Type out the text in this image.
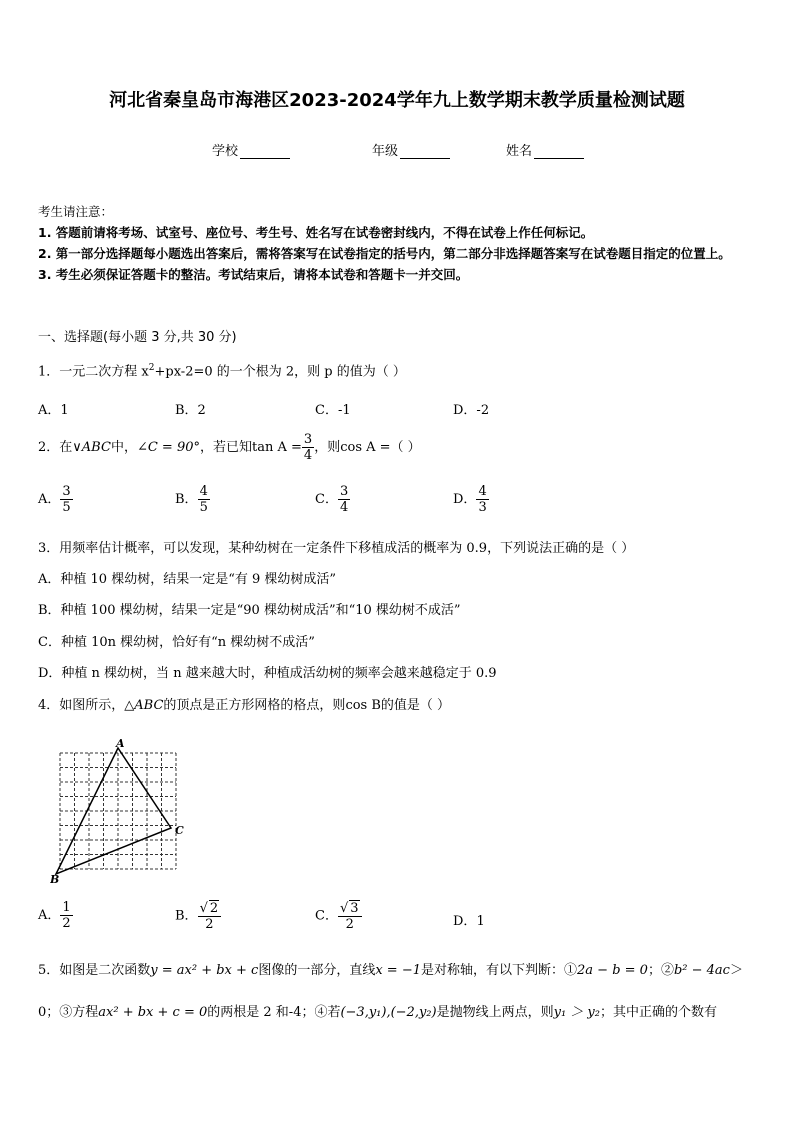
河北省秦皇岛市海港区2023-2024学年九上数学期末教学质量检测试题
学校	年级	姓名
考生请注意：
1. 答题前请将考场、试室号、座位号、考生号、姓名写在试卷密封线内，不得在试卷上作任何标记。
2. 第一部分选择题每小题选出答案后，需将答案写在试卷指定的括号内，第二部分非选择题答案写在试卷题目指定的位置上。
3. 考生必须保证答题卡的整洁。考试结束后，请将本试卷和答题卡一并交回。
一、选择题(每小题 3 分,共 30 分)
1．一元二次方程 $x^2+px-2=0$ 的一个根为 2，则 p 的值为（ ）
A．1	B．2	C．-1	D．-2
2．在∨ABC中，∠C = 90°，若已知$\tan A = \frac{3}{4}$ ，则cos A =（ ）
A． $\frac{3}{5}$	B． $\frac{4}{5}$	C． $\frac{3}{4}$	D． $\frac{4}{3}$
3．用频率估计概率，可以发现，某种幼树在一定条件下移植成活的概率为 0.9，下列说法正确的是（ ）
A．种植 10 棵幼树，结果一定是“有 9 棵幼树成活”
B．种植 100 棵幼树，结果一定是“90 棵幼树成活”和“10 棵幼树不成活”
C．种植 10n 棵幼树，恰好有“n 棵幼树不成活”
D．种植 n 棵幼树，当 n 越来越大时，种植成活幼树的频率会越来越稳定于 0.9
4．如图所示，△ABC的顶点是正方形网格的格点，则cos B的值是（ ）
A
B
C
A． $\frac{1}{2}$	B． $\frac{√ 2}{2}$	C． $\frac{√ 3}{2}$	D．1
5．如图是二次函数y = ax² + bx + c图像的一部分，直线x = −1是对称轴，有以下判断：①2a − b = 0；②b² − 4ac＞
0；③方程ax² + bx + c = 0的两根是 2 和-4；④若(−3,y₁),(−2,y₂)是抛物线上两点，则y₁ ＞ y₂；其中正确的个数有
